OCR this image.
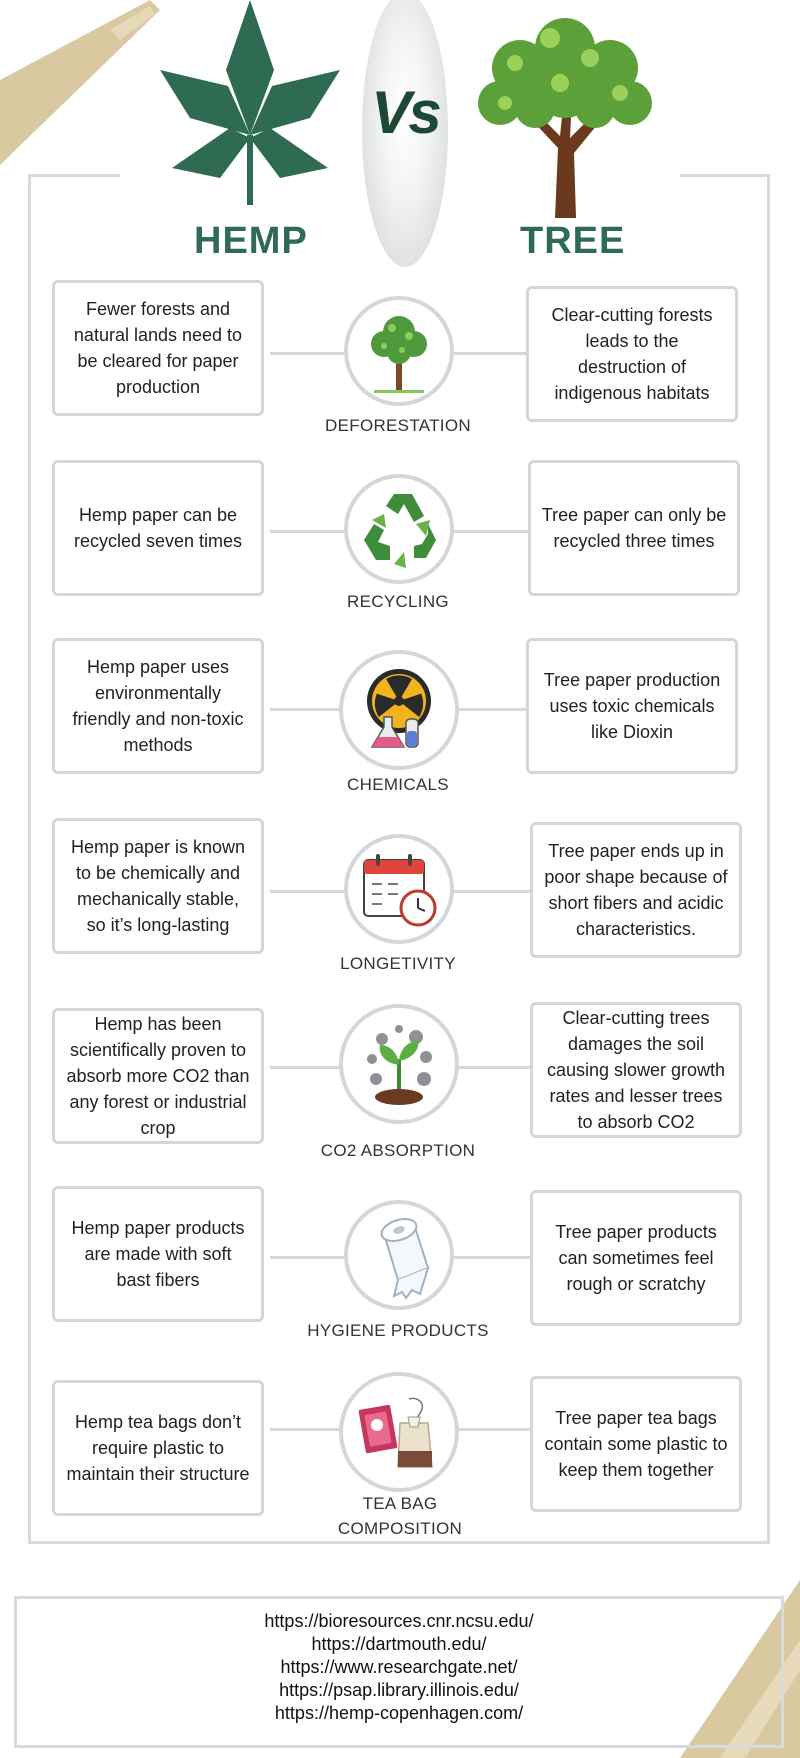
HEMP
Vs
TREE
Fewer forests and natural lands need to be cleared for paper production
Clear-cutting forests leads to the destruction of indigenous habitats
DEFORESTATION
Hemp paper can be recycled seven times
Tree paper can only be recycled three times
RECYCLING
Hemp paper uses environmentally friendly and non-toxic methods
Tree paper production uses toxic chemicals like Dioxin
CHEMICALS
Hemp paper is known to be chemically and mechanically stable, so it’s long-lasting
Tree paper ends up in poor shape because of short fibers and acidic characteristics.
LONGETIVITY
Hemp has been scientifically proven to absorb more CO2 than any forest or industrial crop
Clear-cutting trees damages the soil causing slower growth rates and lesser trees to absorb CO2
CO2 ABSORPTION
Hemp paper products are made with soft bast fibers
Tree paper products can sometimes feel rough or scratchy
HYGIENE PRODUCTS
Hemp tea bags don’t require plastic to maintain their structure
Tree paper tea bags contain some plastic to keep them together
TEA BAG COMPOSITION
https://bioresources.cnr.ncsu.edu/
https://dartmouth.edu/
https://www.researchgate.net/
https://psap.library.illinois.edu/
https://hemp-copenhagen.com/
